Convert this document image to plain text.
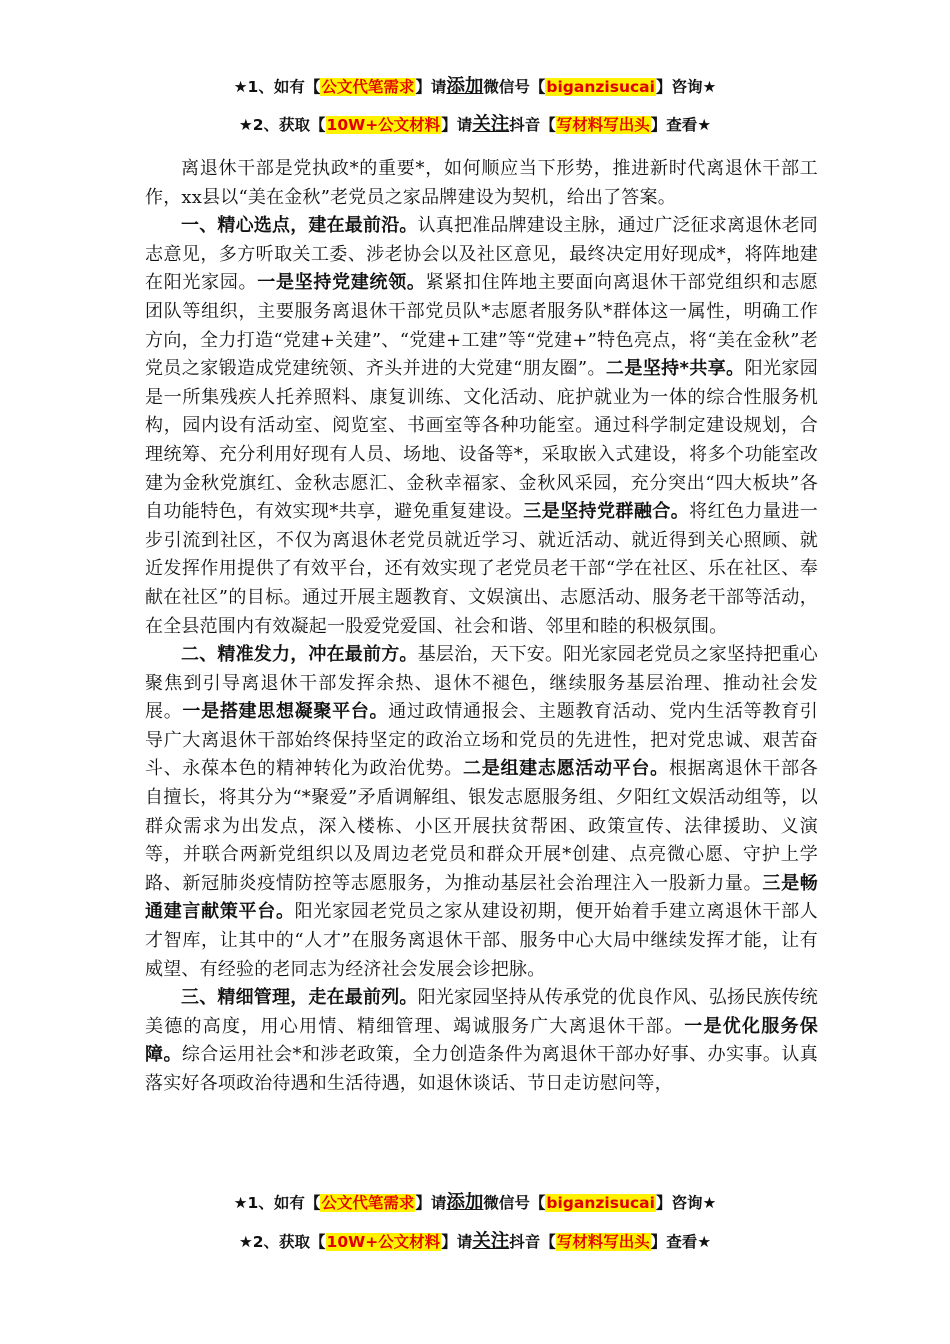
★1、如有【公文代笔需求】请添加微信号【biganzisucai】咨询★
★2、获取【10W+公文材料】请关注抖音【写材料写出头】查看★

离退休干部是党执政*的重要*，如何顺应当下形势，推进新时代离退休干部工作，xx县以“美在金秋”老党员之家品牌建设为契机，给出了答案。

一、精心选点，建在最前沿。认真把准品牌建设主脉，通过广泛征求离退休老同志意见，多方听取关工委、涉老协会以及社区意见，最终决定用好现成*，将阵地建在阳光家园。一是坚持党建统领。紧紧扣住阵地主要面向离退休干部党组织和志愿团队等组织，主要服务离退休干部党员队*志愿者服务队*群体这一属性，明确工作方向，全力打造“党建+关建”、“党建+工建”等“党建+”特色亮点，将“美在金秋”老党员之家锻造成党建统领、齐头并进的大党建“朋友圈”。二是坚持*共享。阳光家园是一所集残疾人托养照料、康复训练、文化活动、庇护就业为一体的综合性服务机构，园内设有活动室、阅览室、书画室等各种功能室。通过科学制定建设规划，合理统筹、充分利用好现有人员、场地、设备等*，采取嵌入式建设，将多个功能室改建为金秋党旗红、金秋志愿汇、金秋幸福家、金秋风采园，充分突出“四大板块”各自功能特色，有效实现*共享，避免重复建设。三是坚持党群融合。将红色力量进一步引流到社区，不仅为离退休老党员就近学习、就近活动、就近得到关心照顾、就近发挥作用提供了有效平台，还有效实现了老党员老干部“学在社区、乐在社区、奉献在社区”的目标。通过开展主题教育、文娱演出、志愿活动、服务老干部等活动，在全县范围内有效凝起一股爱党爱国、社会和谐、邻里和睦的积极氛围。

二、精准发力，冲在最前方。基层治，天下安。阳光家园老党员之家坚持把重心聚焦到引导离退休干部发挥余热、退休不褪色，继续服务基层治理、推动社会发展。一是搭建思想凝聚平台。通过政情通报会、主题教育活动、党内生活等教育引导广大离退休干部始终保持坚定的政治立场和党员的先进性，把对党忠诚、艰苦奋斗、永葆本色的精神转化为政治优势。二是组建志愿活动平台。根据离退休干部各自擅长，将其分为“*聚爱”矛盾调解组、银发志愿服务组、夕阳红文娱活动组等，以群众需求为出发点，深入楼栋、小区开展扶贫帮困、政策宣传、法律援助、义演等，并联合两新党组织以及周边老党员和群众开展*创建、点亮微心愿、守护上学路、新冠肺炎疫情防控等志愿服务，为推动基层社会治理注入一股新力量。三是畅通建言献策平台。阳光家园老党员之家从建设初期，便开始着手建立离退休干部人才智库，让其中的“人才”在服务离退休干部、服务中心大局中继续发挥才能，让有威望、有经验的老同志为经济社会发展会诊把脉。

三、精细管理，走在最前列。阳光家园坚持从传承党的优良作风、弘扬民族传统美德的高度，用心用情、精细管理、竭诚服务广大离退休干部。一是优化服务保障。综合运用社会*和涉老政策，全力创造条件为离退休干部办好事、办实事。认真落实好各项政治待遇和生活待遇，如退休谈话、节日走访慰问等，

★1、如有【公文代笔需求】请添加微信号【biganzisucai】咨询★
★2、获取【10W+公文材料】请关注抖音【写材料写出头】查看★
